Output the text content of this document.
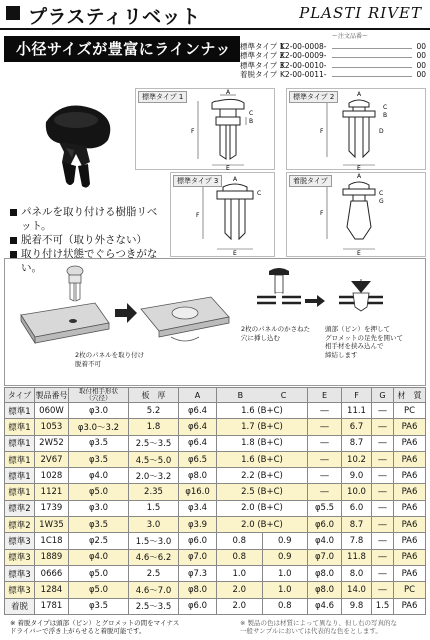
プラスティリベット	PLASTI RIVET
小径サイズが豊富にラインナップ
ー注文品番ー
標準タイプ 1
K2-00-0008-	00
標準タイプ 2
K2-00-0009-	00
標準タイプ 3
K2-00-0010-	00
着脱タイプ K2-00-0011-	00
標準タイプ 1
A
B
C
F
E
標準タイプ 2
C
B
F
E
A
D
標準タイプ 3
C
F
E
A	着脱タイプ
C
G
F
E
A
パネルを取り付ける樹脂リベット。
脱着不可（取り外さない）
取り付け状態でぐらつきがない。
2枚のパネルを取り付け
脱着不可
2枚のパネルのかさねた
穴に挿し込む
頭部（ピン）を押して
グロメットの足先を開いて
相手材を挟み込んで
締結します
タイプ	製品番号	取付相手形状
（穴径）	板　厚	A	B C		E	F	G	材　質
標準1	060W	φ3.0	5.2	φ6.4	1.6 (B+C)		―	11.1	―	PC
標準1	1053	φ3.0〜3.2	1.8	φ6.4	1.7 (B+C)		―	6.7	―	PA6
標準1	2W52	φ3.5	2.5〜3.5	φ6.4	1.8 (B+C)		―	8.7	―	PA6
標準1	2V67	φ3.5	4.5〜5.0	φ6.5	1.6 (B+C)		―	10.2	―	PA6
標準1	1028	φ4.0	2.0〜3.2	φ8.0	2.2 (B+C)		―	9.0	―	PA6
標準1	1121	φ5.0	2.35	φ16.0	2.5 (B+C)		―	10.0	―	PA6
標準2	1739	φ3.0	1.5	φ3.4	2.0 (B+C)		φ5.5	6.0	―	PA6
標準2	1W35	φ3.5	3.0	φ3.9	2.0 (B+C)		φ6.0	8.7	―	PA6
標準3	1C18	φ2.5	1.5〜3.0	φ6.0	0.8	0.9	φ4.0	7.8	―	PA6
標準3	1889	φ4.0	4.6〜6.2	φ7.0	0.8	0.9	φ7.0	11.8	―	PA6
標準3	0666	φ5.0	2.5	φ7.3	1.0	1.0	φ8.0	8.0	―	PA6
標準3	1284	φ5.0	4.6〜7.0	φ8.0	2.0	1.0	φ8.0	14.0	―	PC
着脱	1781	φ3.5	2.5〜3.5	φ6.0	2.0	0.8	φ4.6	9.8	1.5	PA6
※ 着脱タイプは頭部（ピン）とグロメットの間をマイナス
ドライバーで浮き上がらせると着脱可能です。
※ 製品の色は材質によって異なり、但し右の写真的な
一般サンプルにおいては代表的な色をとします。
